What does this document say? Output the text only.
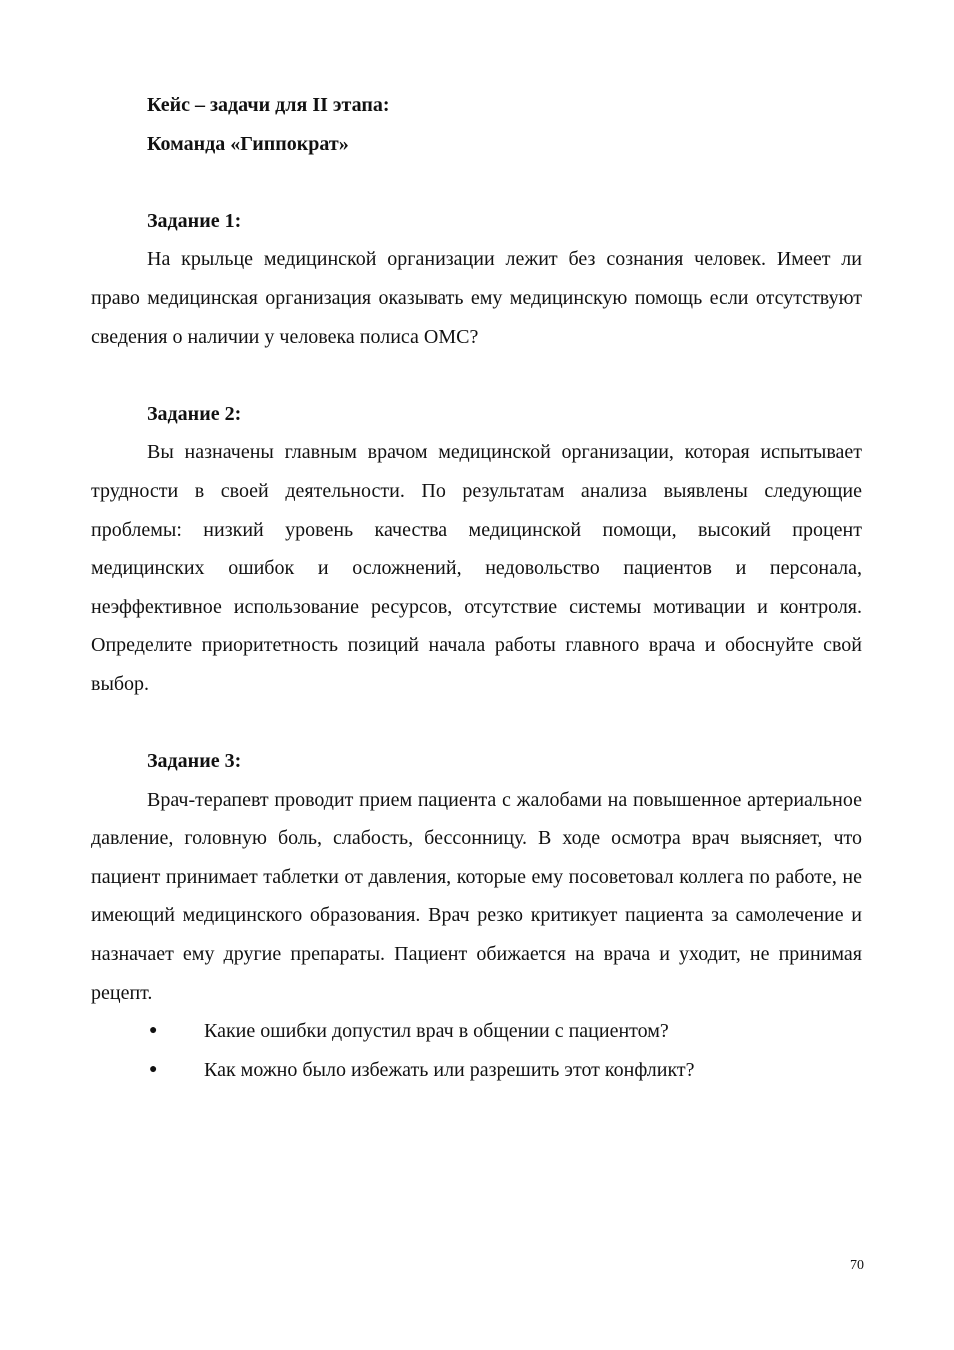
Кейс – задачи для II этапа:

Команда «Гиппократ»

Задание 1:

На крыльце медицинской организации лежит без сознания человек. Имеет ли право медицинская организация оказывать ему медицинскую помощь если отсутствуют сведения о наличии у человека полиса ОМС?

Задание 2:

Вы назначены главным врачом медицинской организации, которая испытывает трудности в своей деятельности. По результатам анализа выявлены следующие проблемы: низкий уровень качества медицинской помощи, высокий процент медицинских ошибок и осложнений, недовольство пациентов и персонала, неэффективное использование ресурсов, отсутствие системы мотивации и контроля. Определите приоритетность позиций начала работы главного врача и обоснуйте свой выбор.

Задание 3:

Врач-терапевт проводит прием пациента с жалобами на повышенное артериальное давление, головную боль, слабость, бессонницу. В ходе осмотра врач выясняет, что пациент принимает таблетки от давления, которые ему посоветовал коллега по работе, не имеющий медицинского образования. Врач резко критикует пациента за самолечение и назначает ему другие препараты. Пациент обижается на врача и уходит, не принимая рецепт.

● Какие ошибки допустил врач в общении с пациентом?
● Как можно было избежать или разрешить этот конфликт?
70
